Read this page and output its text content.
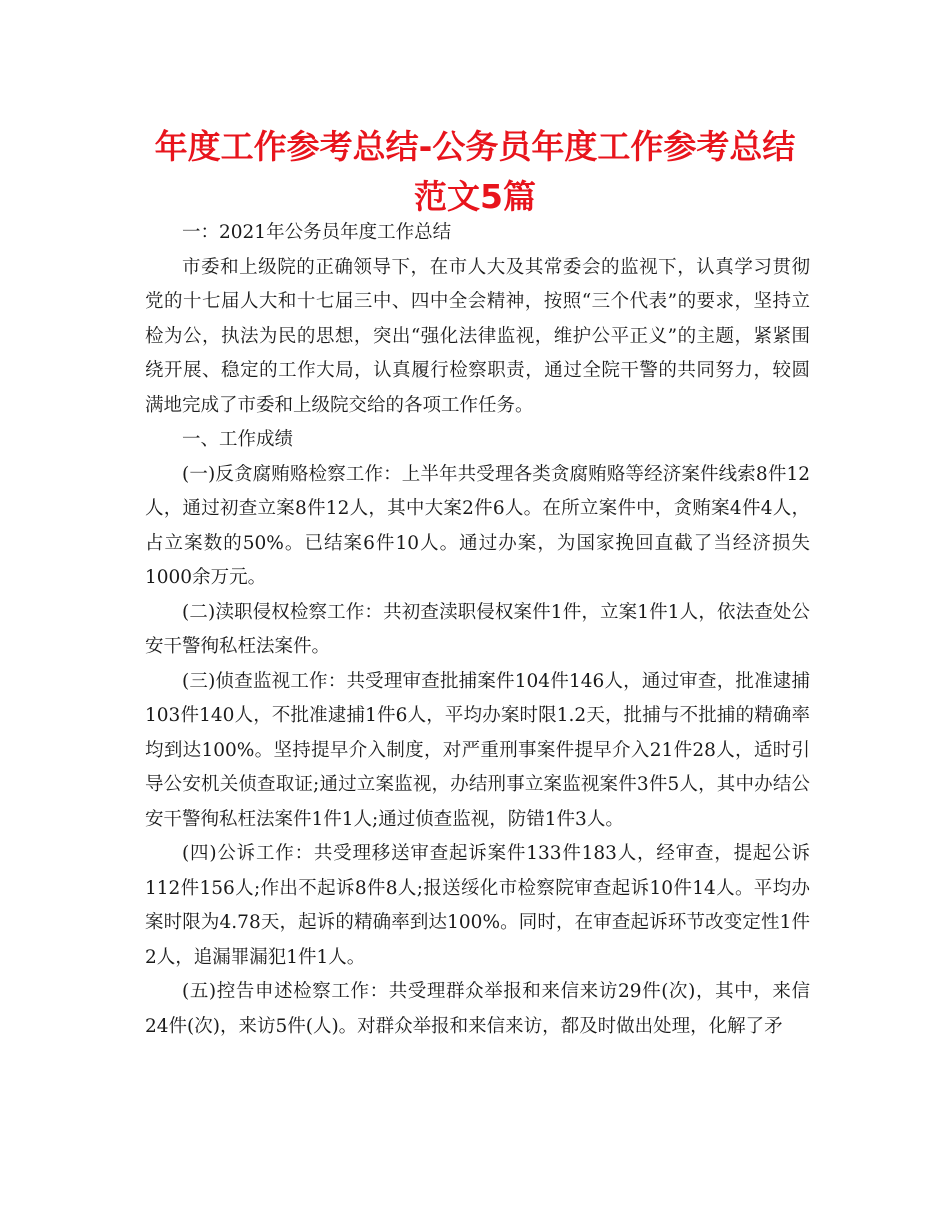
年度工作参考总结-公务员年度工作参考总结范文5篇

一：2021年公务员年度工作总结

市委和上级院的正确领导下，在市人大及其常委会的监视下，认真学习贯彻党的十七届人大和十七届三中、四中全会精神，按照“三个代表”的要求，坚持立检为公，执法为民的思想，突出“强化法律监视，维护公平正义”的主题，紧紧围绕开展、稳定的工作大局，认真履行检察职责，通过全院干警的共同努力，较圆满地完成了市委和上级院交给的各项工作任务。

一、工作成绩

(一)反贪腐贿赂检察工作：上半年共受理各类贪腐贿赂等经济案件线索8件12人，通过初查立案8件12人，其中大案2件6人。在所立案件中，贪贿案4件4人，占立案数的50%。已结案6件10人。通过办案，为国家挽回直截了当经济损失1000余万元。

(二)渎职侵权检察工作：共初查渎职侵权案件1件，立案1件1人，依法查处公安干警徇私枉法案件。

(三)侦查监视工作：共受理审查批捕案件104件146人，通过审查，批准逮捕103件140人，不批准逮捕1件6人，平均办案时限1.2天，批捕与不批捕的精确率均到达100%。坚持提早介入制度，对严重刑事案件提早介入21件28人，适时引导公安机关侦查取证;通过立案监视，办结刑事立案监视案件3件5人，其中办结公安干警徇私枉法案件1件1人;通过侦查监视，防错1件3人。

(四)公诉工作：共受理移送审查起诉案件133件183人，经审查，提起公诉112件156人;作出不起诉8件8人;报送绥化市检察院审查起诉10件14人。平均办案时限为4.78天，起诉的精确率到达100%。同时，在审查起诉环节改变定性1件2人，追漏罪漏犯1件1人。

(五)控告申述检察工作：共受理群众举报和来信来访29件(次)，其中，来信24件(次)，来访5件(人)。对群众举报和来信来访，都及时做出处理，化解了矛
